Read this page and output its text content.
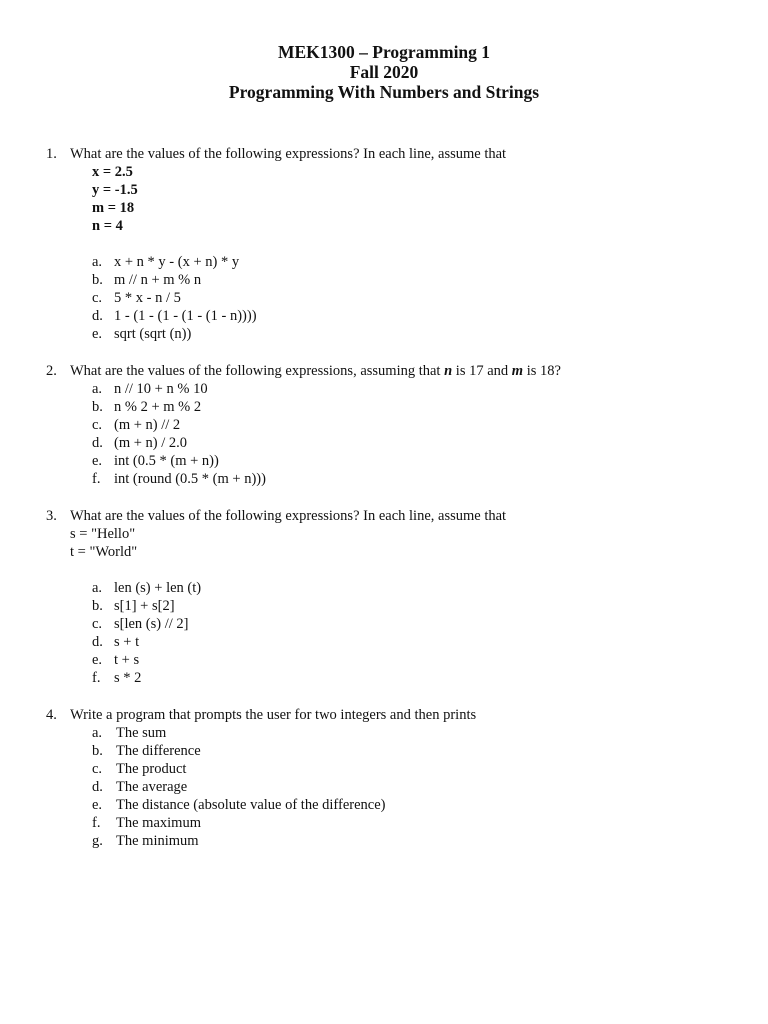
MEK1300 – Programming 1
Fall 2020
Programming With Numbers and Strings
1. What are the values of the following expressions? In each line, assume that
x = 2.5
y = -1.5
m = 18
n = 4
a. x + n * y - (x + n) * y
b. m // n + m % n
c. 5 * x - n / 5
d. 1 - (1 - (1 - (1 - (1 - n))))
e. sqrt (sqrt (n))
2. What are the values of the following expressions, assuming that n is 17 and m is 18?
a. n // 10 + n % 10
b. n % 2 + m % 2
c. (m + n) // 2
d. (m + n) / 2.0
e. int (0.5 * (m + n))
f. int (round (0.5 * (m + n)))
3. What are the values of the following expressions? In each line, assume that
s = "Hello"
t = "World"
a. len (s) + len (t)
b. s[1] + s[2]
c. s[len (s) // 2]
d. s + t
e. t + s
f. s * 2
4. Write a program that prompts the user for two integers and then prints
a. The sum
b. The difference
c. The product
d. The average
e. The distance (absolute value of the difference)
f. The maximum
g. The minimum
